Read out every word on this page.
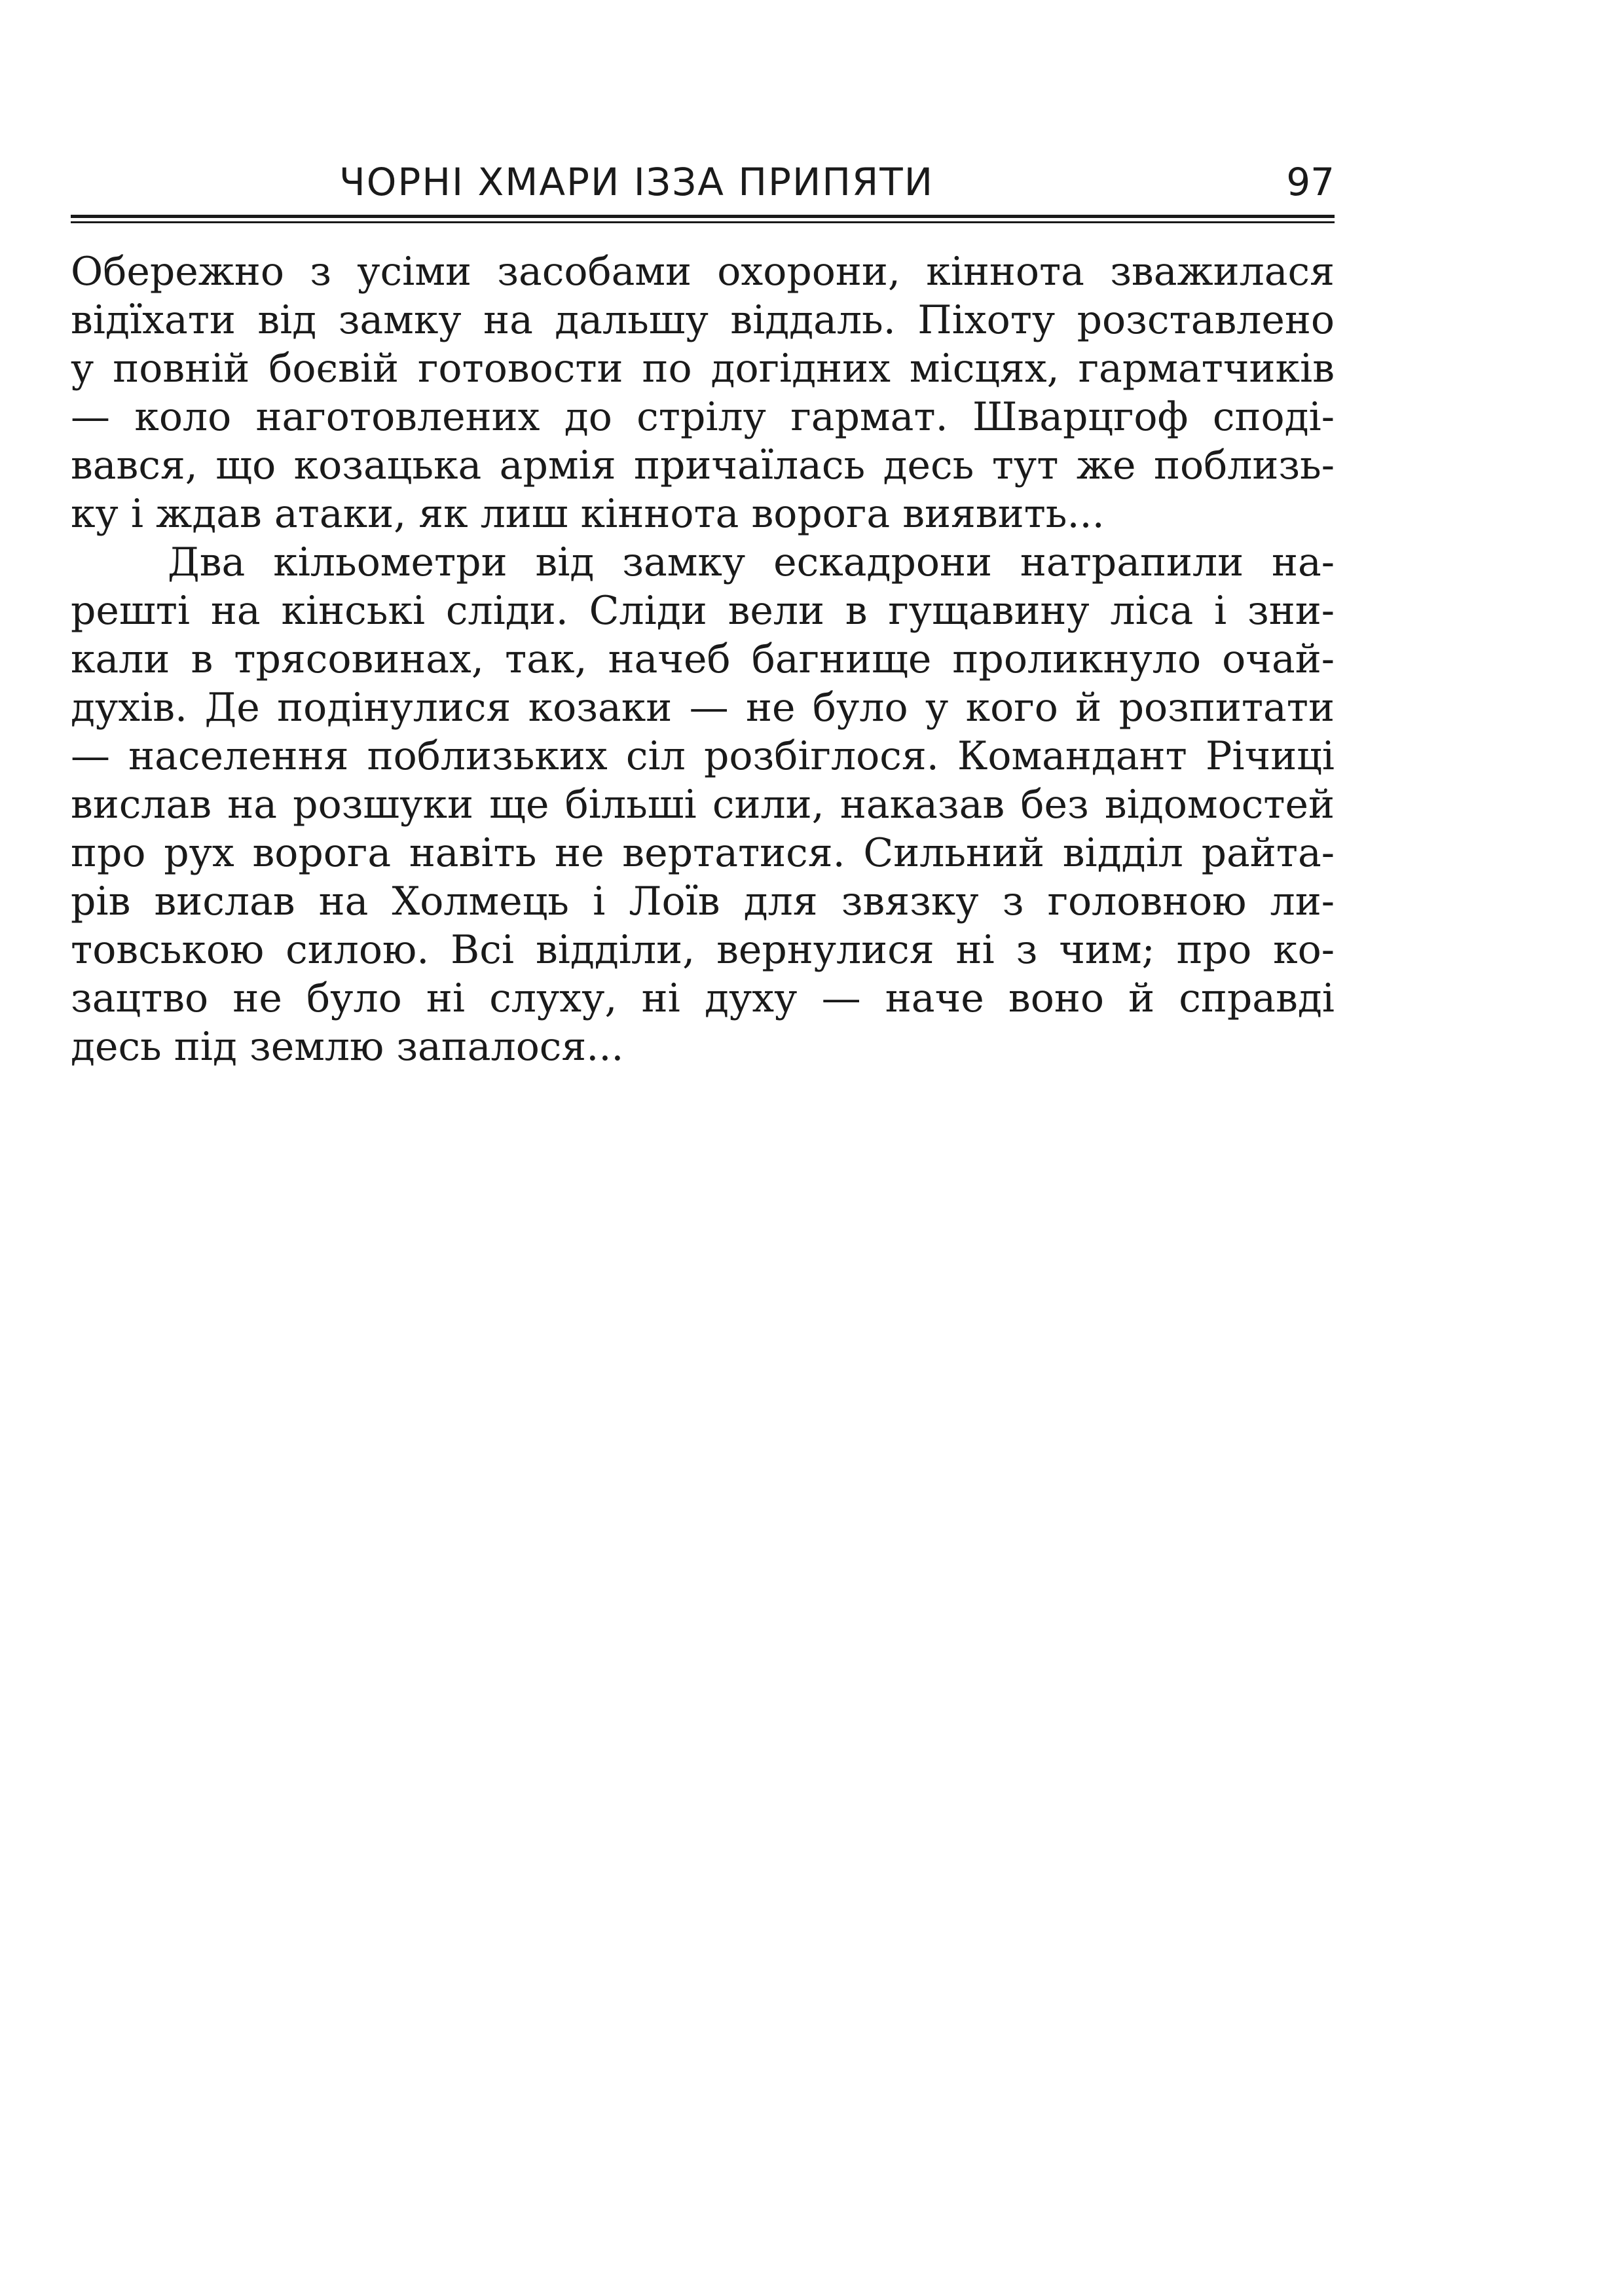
ЧОРНІ ХМАРИ ІЗЗА ПРИПЯТИ	97
Обережно з усіми засобами охорони, кіннота зважилася
відїхати від замку на дальшу віддаль. Піхоту розставлено
у повній боєвій готовости по догідних місцях, гарматчиків
— коло наготовлених до стрілу гармат. Шварцгоф споді-
вався, що козацька армія причаїлась десь тут же поблизь-
ку і ждав атаки, як лиш кіннота ворога виявить...
Два кільометри від замку ескадрони натрапили на-
решті на кінські сліди. Сліди вели в гущавину ліса і зни-
кали в трясовинах, так, начеб багнище проликнуло очай-
духів. Де подінулися козаки — не було у кого й розпитати
— населення поблизьких сіл розбіглося. Командант Річиці
вислав на розшуки ще більші сили, наказав без відомостей
про рух ворога навіть не вертатися. Сильний відділ райта-
рів вислав на Холмець і Лоїв для звязку з головною ли-
товською силою. Всі відділи, вернулися ні з чим; про ко-
зацтво не було ні слуху, ні духу — наче воно й справді
десь під землю запалося...
